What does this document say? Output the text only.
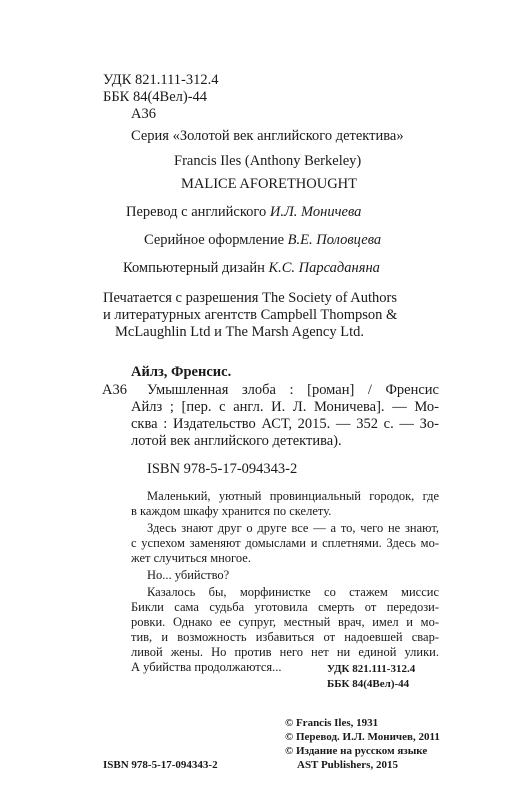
УДК 821.111-312.4
ББК 84(4Вел)-44
А36
Серия «Золотой век английского детектива»
Francis Iles (Anthony Berkeley)
MALICE AFORETHOUGHT
Перевод с английского И.Л. Моничева
Серийное оформление В.Е. Половцева
Компьютерный дизайн К.С. Парсаданяна
Печатается с разрешения The Society of Authors
и литературных агентств Campbell Thompson &
McLaughlin Ltd и The Marsh Agency Ltd.
Айлз, Френсис.
А36 Умышленная злоба : [роман] / Френсис
Айлз ; [пер. с англ. И. Л. Моничева]. — Мо-
сква : Издательство АСТ, 2015. — 352 с. — Зо-
лотой век английского детектива).
ISBN 978-5-17-094343-2
Маленький, уютный провинциальный городок, где
в каждом шкафу хранится по скелету.
Здесь знают друг о друге все — а то, чего не знают,
с успехом заменяют домыслами и сплетнями. Здесь мо-
жет случиться многое.
Но... убийство?
Казалось бы, морфинистке со стажем миссис
Бикли сама судьба уготовила смерть от передози-
ровки. Однако ее супруг, местный врач, имел и мо-
тив, и возможность избавиться от надоевшей свар-
ливой жены. Но против него нет ни единой улики.
А убийства продолжаются...	УДК 821.111-312.4
ББК 84(4Вел)-44
© Francis Iles, 1931
© Перевод. И.Л. Моничев, 2011
© Издание на русском языке
AST Publishers, 2015
ISBN 978-5-17-094343-2
